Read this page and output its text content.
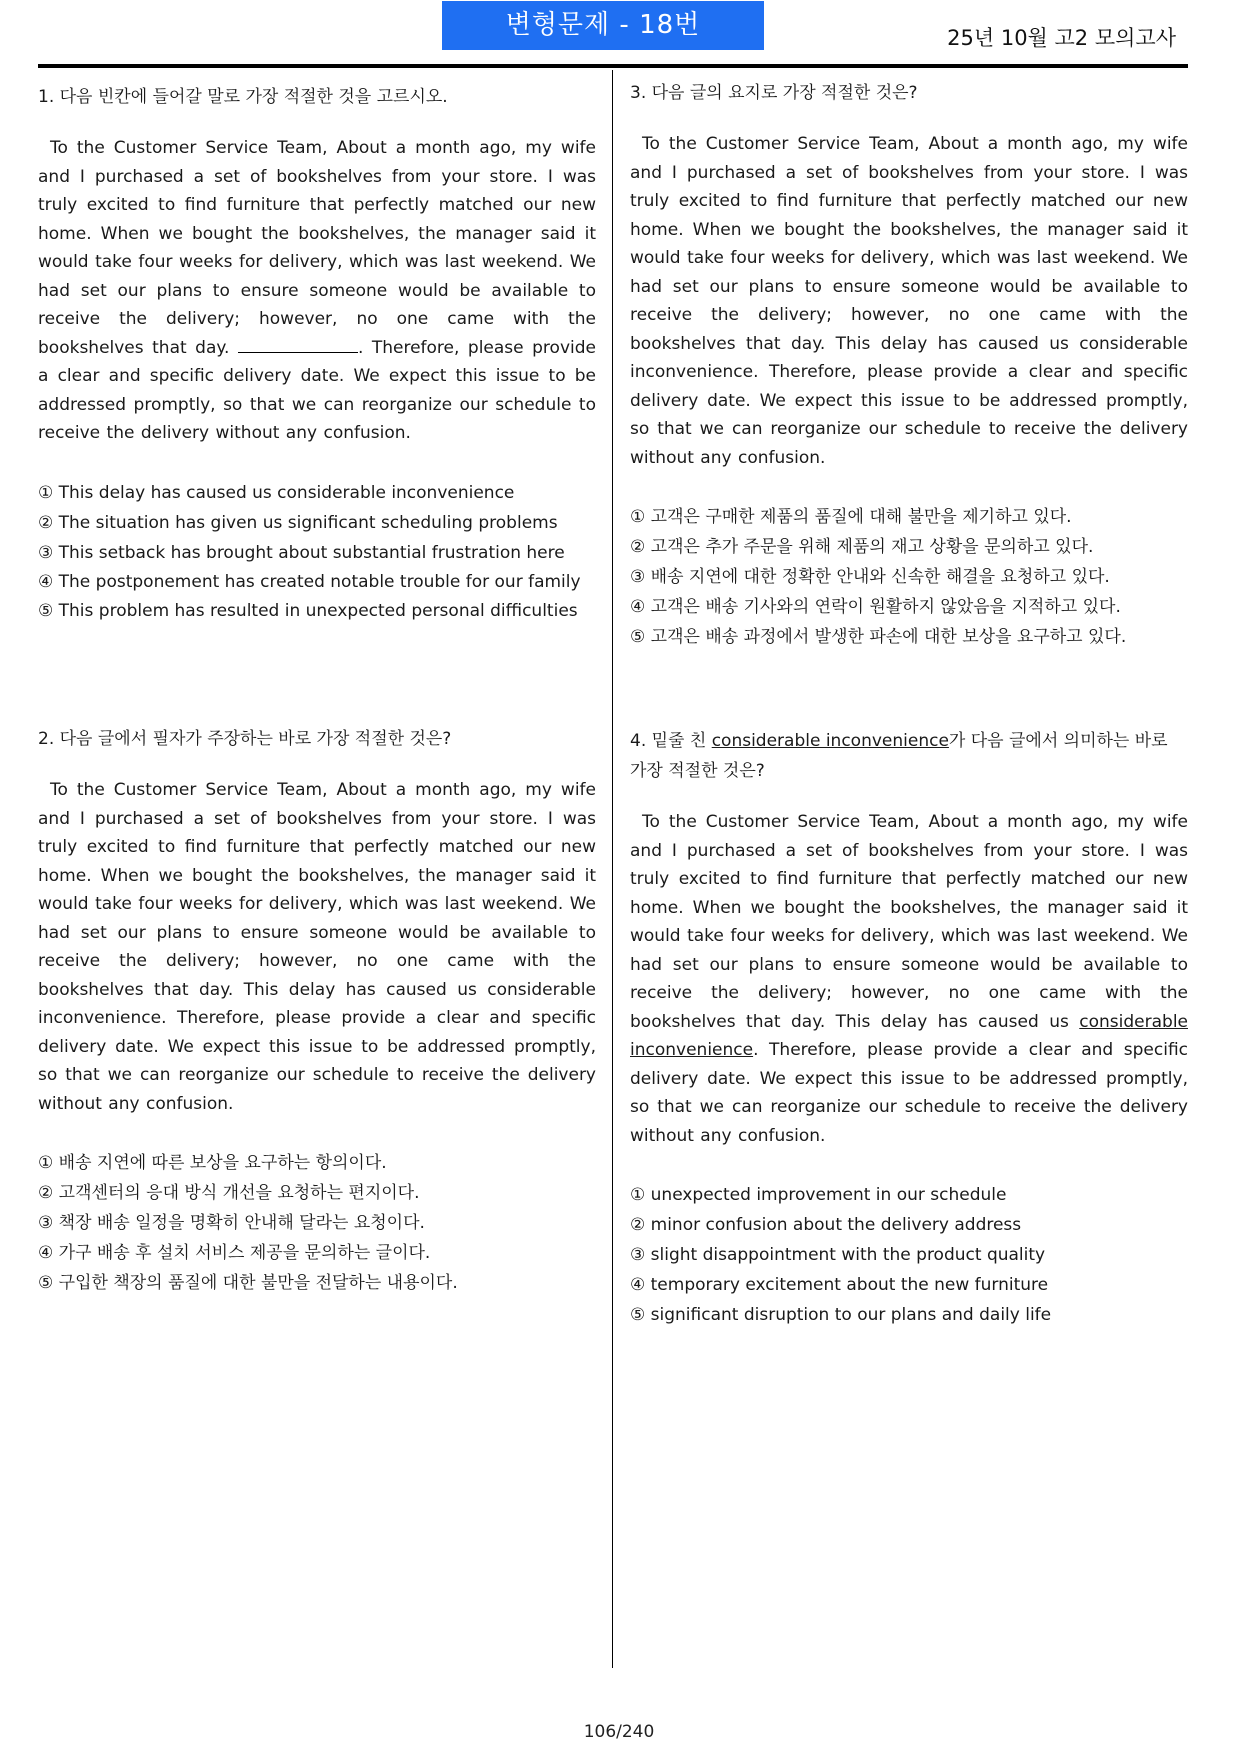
변형문제 - 18번	25년 10월 고2 모의고사

1. 다음 빈칸에 들어갈 말로 가장 적절한 것을 고르시오.

To the Customer Service Team, About a month ago, my wife and I purchased a set of bookshelves from your store. I was truly excited to find furniture that perfectly matched our new home. When we bought the bookshelves, the manager said it would take four weeks for delivery, which was last weekend. We had set our plans to ensure someone would be available to receive the delivery; however, no one came with the bookshelves that day.	. Therefore, please provide a clear and specific delivery date. We expect this issue to be addressed promptly, so that we can reorganize our schedule to receive the delivery without any confusion.

① This delay has caused us considerable inconvenience
② The situation has given us significant scheduling problems
③ This setback has brought about substantial frustration here
④ The postponement has created notable trouble for our family
⑤ This problem has resulted in unexpected personal difficulties

2. 다음 글에서 필자가 주장하는 바로 가장 적절한 것은?

To the Customer Service Team, About a month ago, my wife and I purchased a set of bookshelves from your store. I was truly excited to find furniture that perfectly matched our new home. When we bought the bookshelves, the manager said it would take four weeks for delivery, which was last weekend. We had set our plans to ensure someone would be available to receive the delivery; however, no one came with the bookshelves that day. This delay has caused us considerable inconvenience. Therefore, please provide a clear and specific delivery date. We expect this issue to be addressed promptly, so that we can reorganize our schedule to receive the delivery without any confusion.

① 배송 지연에 따른 보상을 요구하는 항의이다.
② 고객센터의 응대 방식 개선을 요청하는 편지이다.
③ 책장 배송 일정을 명확히 안내해 달라는 요청이다.
④ 가구 배송 후 설치 서비스 제공을 문의하는 글이다.
⑤ 구입한 책장의 품질에 대한 불만을 전달하는 내용이다.

3. 다음 글의 요지로 가장 적절한 것은?

To the Customer Service Team, About a month ago, my wife and I purchased a set of bookshelves from your store. I was truly excited to find furniture that perfectly matched our new home. When we bought the bookshelves, the manager said it would take four weeks for delivery, which was last weekend. We had set our plans to ensure someone would be available to receive the delivery; however, no one came with the bookshelves that day. This delay has caused us considerable inconvenience. Therefore, please provide a clear and specific delivery date. We expect this issue to be addressed promptly, so that we can reorganize our schedule to receive the delivery without any confusion.

① 고객은 구매한 제품의 품질에 대해 불만을 제기하고 있다.
② 고객은 추가 주문을 위해 제품의 재고 상황을 문의하고 있다.
③ 배송 지연에 대한 정확한 안내와 신속한 해결을 요청하고 있다.
④ 고객은 배송 기사와의 연락이 원활하지 않았음을 지적하고 있다.
⑤ 고객은 배송 과정에서 발생한 파손에 대한 보상을 요구하고 있다.

4. 밑줄 친 considerable inconvenience가 다음 글에서 의미하는 바로 가장 적절한 것은?

To the Customer Service Team, About a month ago, my wife and I purchased a set of bookshelves from your store. I was truly excited to find furniture that perfectly matched our new home. When we bought the bookshelves, the manager said it would take four weeks for delivery, which was last weekend. We had set our plans to ensure someone would be available to receive the delivery; however, no one came with the bookshelves that day. This delay has caused us considerable inconvenience. Therefore, please provide a clear and specific delivery date. We expect this issue to be addressed promptly, so that we can reorganize our schedule to receive the delivery without any confusion.

① unexpected improvement in our schedule
② minor confusion about the delivery address
③ slight disappointment with the product quality
④ temporary excitement about the new furniture
⑤ significant disruption to our plans and daily life
106/240
